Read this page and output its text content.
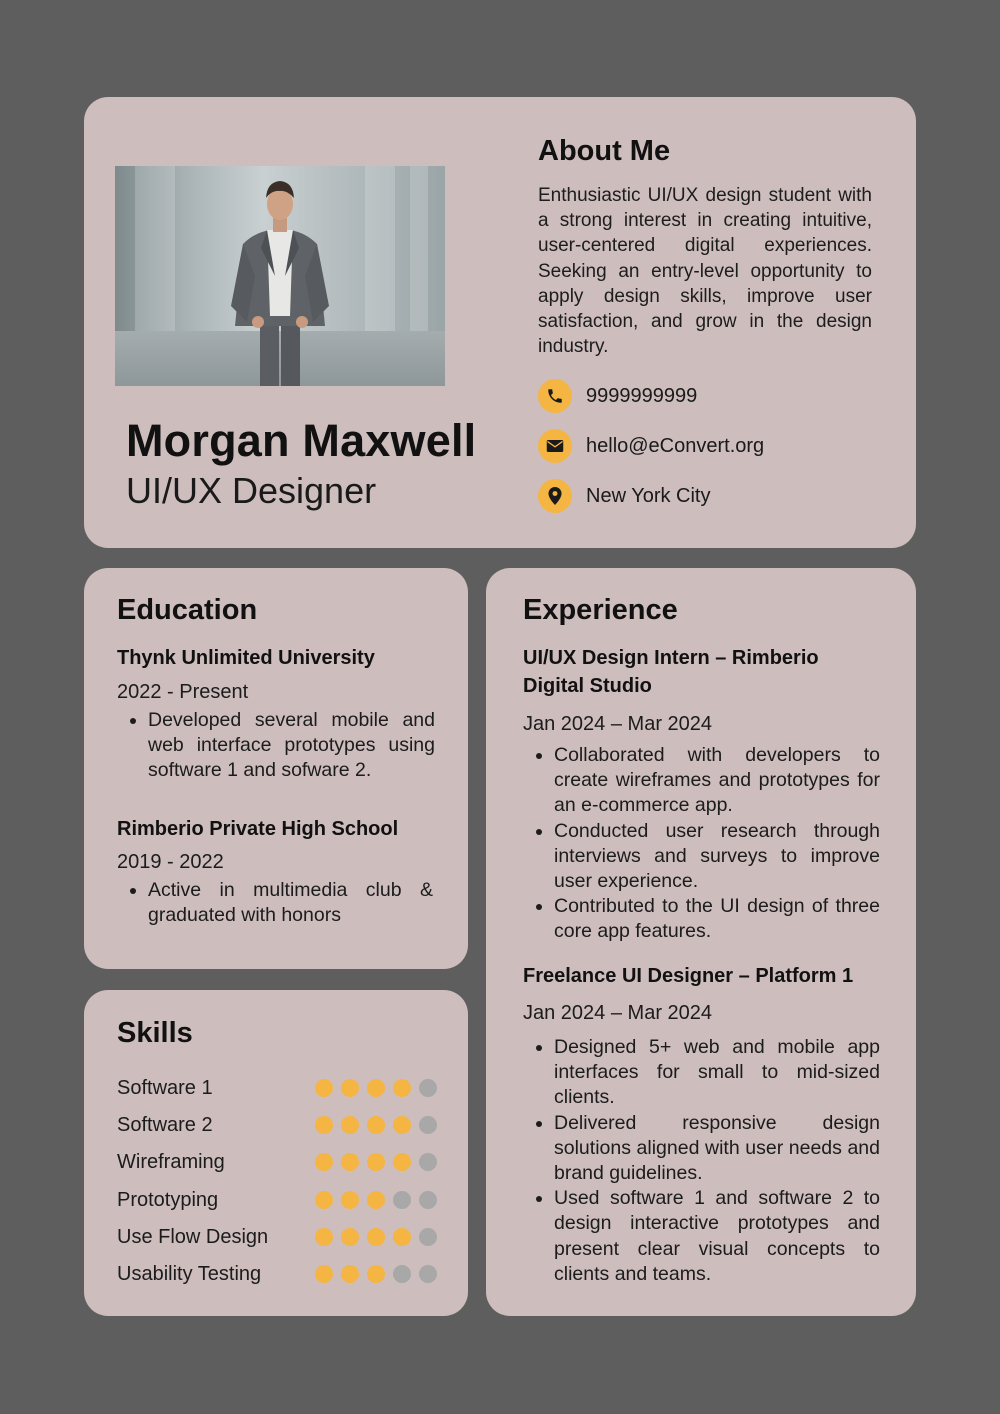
Morgan Maxwell
UI/UX Designer
About Me

Enthusiastic UI/UX design student with a strong interest in creating intuitive, user-centered digital experiences. Seeking an entry-level opportunity to apply design skills, improve user satisfaction, and grow in the design industry.

9999999999
hello@eConvert.org
New York City
Education
Thynk Unlimited University
2022 - Present
• Developed several mobile and web interface prototypes using software 1 and sofware 2.
Rimberio Private High School
2019 - 2022
• Active in multimedia club & graduated with honors
Skills
Software 1
Software 2
Wireframing
Prototyping
Use Flow Design
Usability Testing
Experience
UI/UX Design Intern – Rimberio Digital Studio
Jan 2024 – Mar 2024
• Collaborated with developers to create wireframes and prototypes for an e-commerce app.
• Conducted user research through interviews and surveys to improve user experience.
• Contributed to the UI design of three core app features.
Freelance UI Designer – Platform 1
Jan 2024 – Mar 2024
• Designed 5+ web and mobile app interfaces for small to mid-sized clients.
• Delivered responsive design solutions aligned with user needs and brand guidelines.
• Used software 1 and software 2 to design interactive prototypes and present clear visual concepts to clients and teams.
